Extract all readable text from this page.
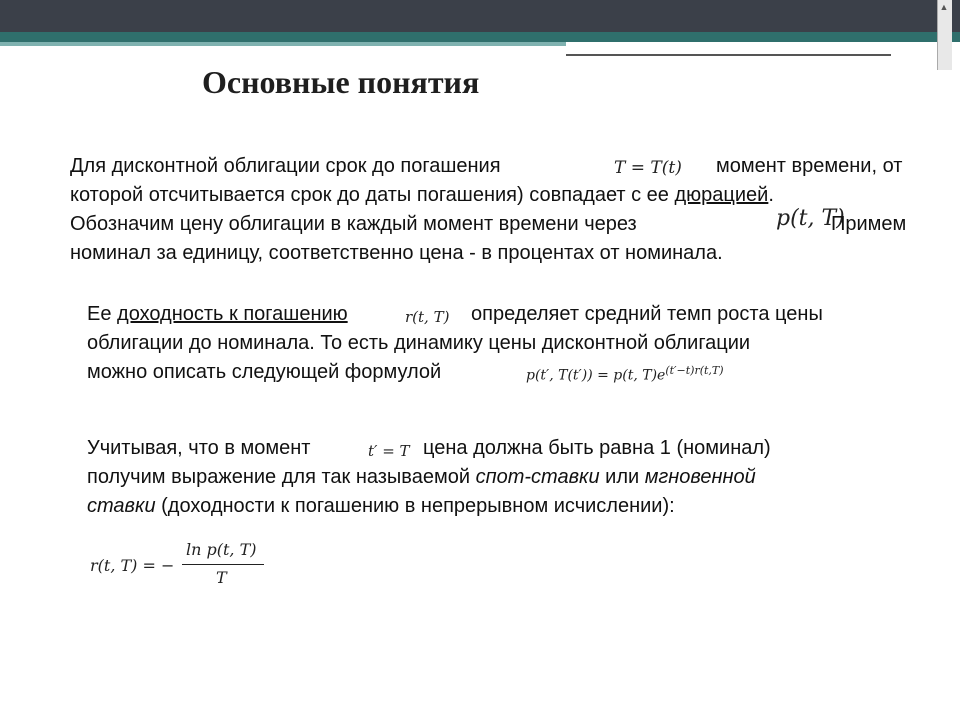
▲
Основные понятия
Для дисконтной облигации срок до погашения	T = T(t) момент времени, от
которой отсчитывается срок до даты погашения) совпадает с ее дюрацией.
Обозначим цену облигации в каждый момент времени через	p(t, T)
Примем
номинал за единицу, соответственно цена - в процентах от номинала.
Ее доходность к погашению	r(t, T) определяет средний темп роста цены
облигации до номинала. То есть динамику цены дисконтной облигации
можно описать следующей формулой	p(t′, T(t′)) = p(t, $T)e^{(t'-t)r(t,T)}$
Учитывая, что в момент	t′ = T цена должна быть равна 1 (номинал)
получим выражение для так называемой спот-ставки или мгновенной
ставки (доходности к погашению в непрерывном исчислении):
r(t, T) = −
ln p(t, T)
T
